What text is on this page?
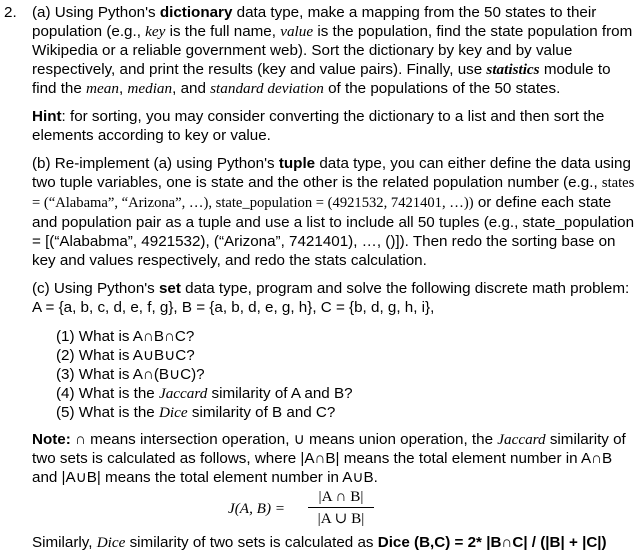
2. (a) Using Python's dictionary data type, make a mapping from the 50 states to their population (e.g., key is the full name, value is the population, find the state population from Wikipedia or a reliable government web). Sort the dictionary by key and by value respectively, and print the results (key and value pairs). Finally, use statistics module to find the mean, median, and standard deviation of the populations of the 50 states.

Hint: for sorting, you may consider converting the dictionary to a list and then sort the elements according to key or value.

(b) Re-implement (a) using Python's tuple data type, you can either define the data using two tuple variables, one is state and the other is the related population number (e.g., states = (“Alabama”, “Arizona”, …), state_population = (4921532, 7421401, …)) or define each state and population pair as a tuple and use a list to include all 50 tuples (e.g., state_population = [(“Alababma”, 4921532), (“Arizona”, 7421401), …, ()]). Then redo the sorting base on key and values respectively, and redo the stats calculation.

(c) Using Python's set data type, program and solve the following discrete math problem: A = {a, b, c, d, e, f, g}, B = {a, b, d, e, g, h}, C = {b, d, g, h, i},

(1) What is A∩B∩C?
(2) What is A∪B∪C?
(3) What is A∩(B∪C)?
(4) What is the Jaccard similarity of A and B?
(5) What is the Dice similarity of B and C?

Note: ∩ means intersection operation, ∪ means union operation, the Jaccard similarity of two sets is calculated as follows, where |A∩B| means the total element number in A∩B and |A∪B| means the total element number in A∪B.

J(A, $B) = \frac{|A \cap B|}{|A \cup B|}$

Similarly, Dice similarity of two sets is calculated as Dice (B,C) = 2* |B∩C| / (|B| + |C|)
